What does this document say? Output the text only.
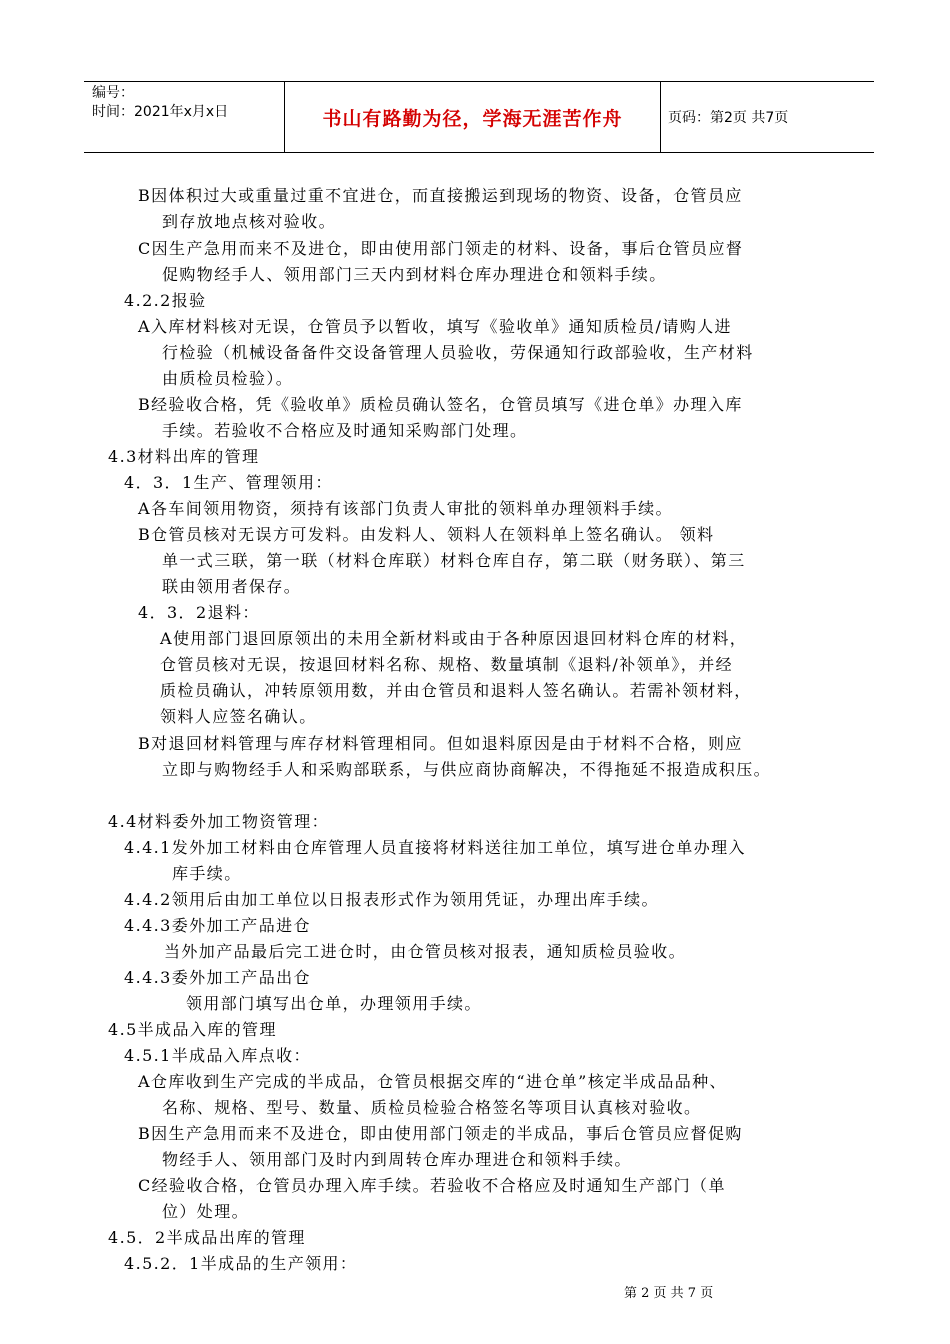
编号：
时间：2021年x月x日	书山有路勤为径，学海无涯苦作舟	页码：第2页 共7页
B因体积过大或重量过重不宜进仓，而直接搬运到现场的物资、设备，仓管员应
到存放地点核对验收。
C因生产急用而来不及进仓，即由使用部门领走的材料、设备，事后仓管员应督
促购物经手人、领用部门三天内到材料仓库办理进仓和领料手续。
4.2.2报验
A入库材料核对无误，仓管员予以暂收，填写《验收单》通知质检员/请购人进
行检验（机械设备备件交设备管理人员验收，劳保通知行政部验收，生产材料
由质检员检验）。
B经验收合格，凭《验收单》质检员确认签名，仓管员填写《进仓单》办理入库
手续。若验收不合格应及时通知采购部门处理。
4.3材料出库的管理
4．3．1生产、管理领用：
A各车间领用物资，须持有该部门负责人审批的领料单办理领料手续。
B仓管员核对无误方可发料。由发料人、领料人在领料单上签名确认。 领料
单一式三联，第一联（材料仓库联）材料仓库自存，第二联（财务联）、第三
联由领用者保存。
4．3．2退料：
A使用部门退回原领出的未用全新材料或由于各种原因退回材料仓库的材料，
仓管员核对无误，按退回材料名称、规格、数量填制《退料/补领单》，并经
质检员确认，冲转原领用数，并由仓管员和退料人签名确认。若需补领材料，
领料人应签名确认。
B对退回材料管理与库存材料管理相同。但如退料原因是由于材料不合格，则应
立即与购物经手人和采购部联系，与供应商协商解决，不得拖延不报造成积压。
4.4材料委外加工物资管理：
4.4.1发外加工材料由仓库管理人员直接将材料送往加工单位，填写进仓单办理入
库手续。
4.4.2领用后由加工单位以日报表形式作为领用凭证，办理出库手续。
4.4.3委外加工产品进仓
当外加产品最后完工进仓时，由仓管员核对报表，通知质检员验收。
4.4.3委外加工产品出仓
领用部门填写出仓单，办理领用手续。
4.5半成品入库的管理
4.5.1半成品入库点收：
A仓库收到生产完成的半成品，仓管员根据交库的“进仓单”核定半成品品种、
名称、规格、型号、数量、质检员检验合格签名等项目认真核对验收。
B因生产急用而来不及进仓，即由使用部门领走的半成品，事后仓管员应督促购
物经手人、领用部门及时内到周转仓库办理进仓和领料手续。
C经验收合格，仓管员办理入库手续。若验收不合格应及时通知生产部门（单
位）处理。
4.5．2半成品出库的管理
4.5.2．1半成品的生产领用：
第 2 页 共 7 页
